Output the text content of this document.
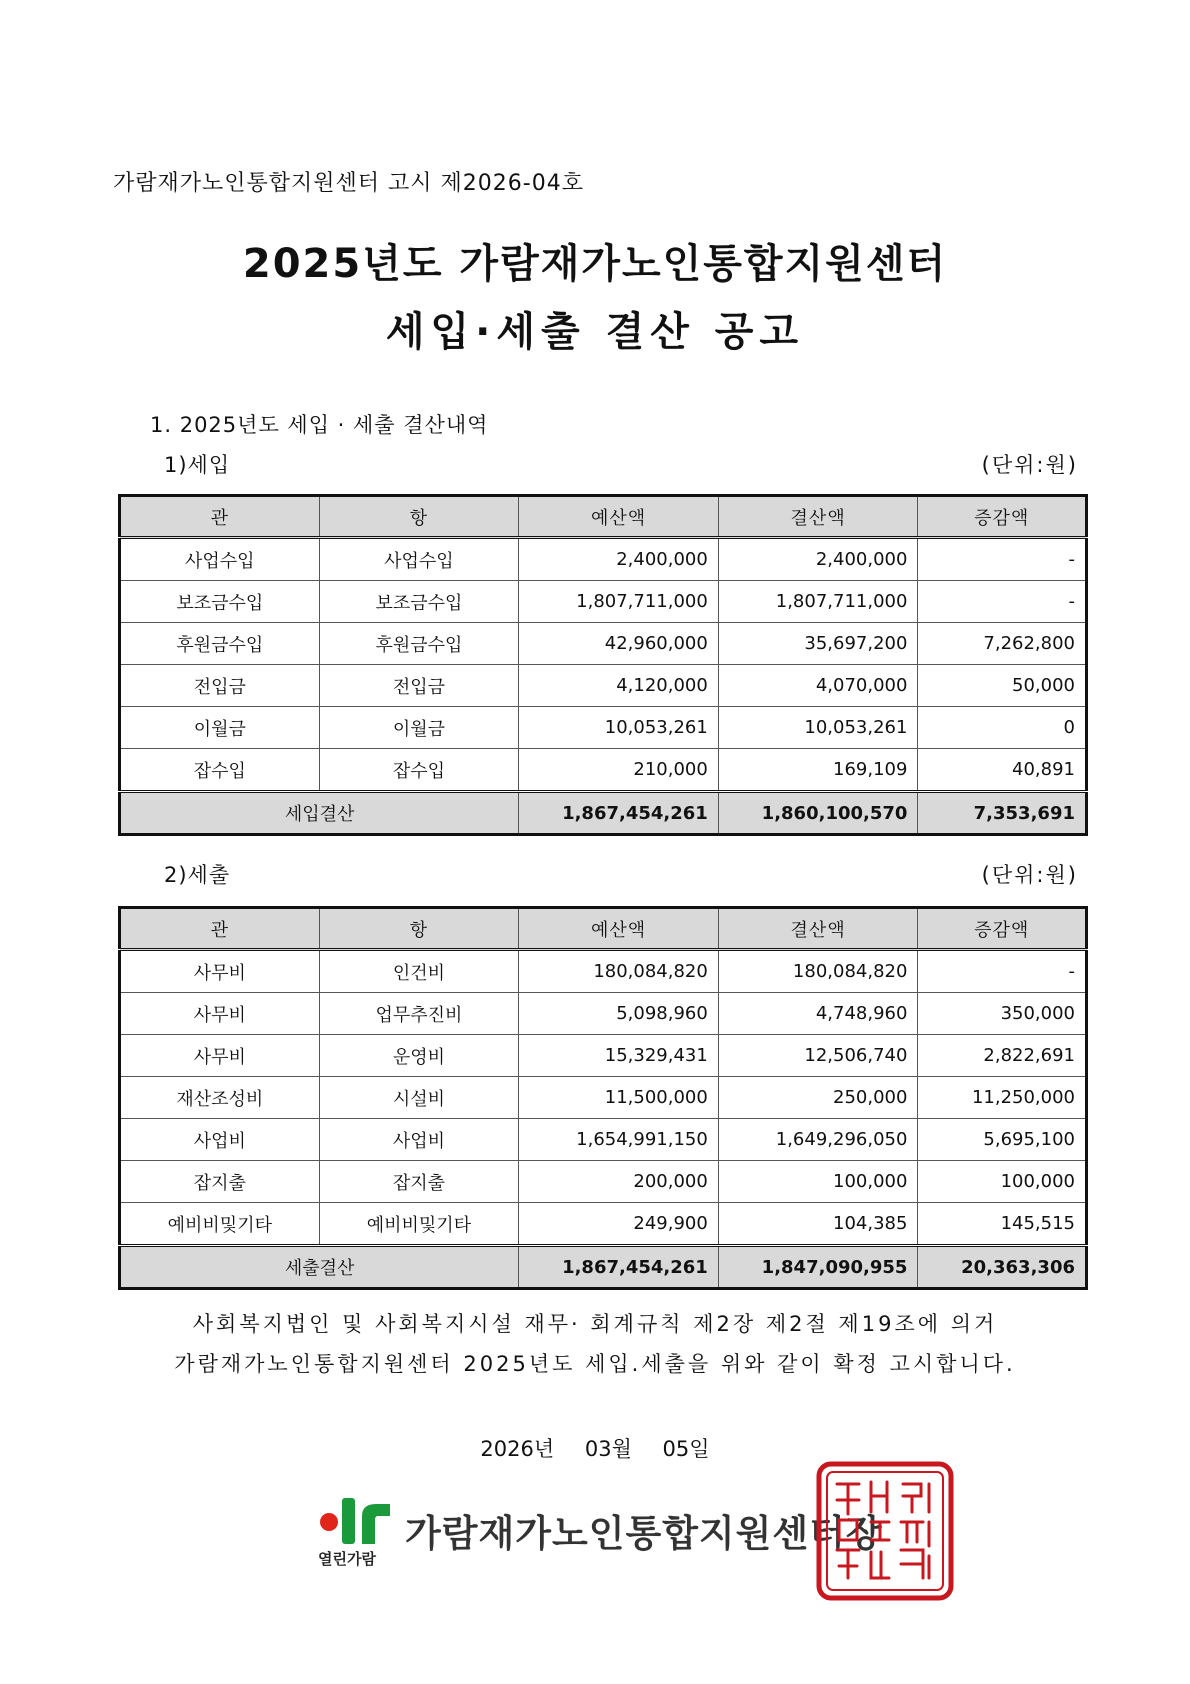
가람재가노인통합지원센터 고시 제2026-04호
2025년도 가람재가노인통합지원센터
세입·세출 결산 공고
1. 2025년도 세입 · 세출 결산내역
1)세입	(단위:원)
관	항	예산액	결산액	증감액
사업수입	사업수입	2,400,000	2,400,000	-
보조금수입	보조금수입	1,807,711,000	1,807,711,000	-
후원금수입	후원금수입	42,960,000	35,697,200	7,262,800
전입금	전입금	4,120,000	4,070,000	50,000
이월금	이월금	10,053,261	10,053,261	0
잡수입	잡수입	210,000	169,109	40,891
세입결산		1,867,454,261	1,860,100,570	7,353,691
2)세출	(단위:원)
관	항	예산액	결산액	증감액
사무비	인건비	180,084,820	180,084,820	-
사무비	업무추진비	5,098,960	4,748,960	350,000
사무비	운영비	15,329,431	12,506,740	2,822,691
재산조성비	시설비	11,500,000	250,000	11,250,000
사업비	사업비	1,654,991,150	1,649,296,050	5,695,100
잡지출	잡지출	200,000	100,000	100,000
예비비및기타	예비비및기타	249,900	104,385	145,515
세출결산		1,867,454,261	1,847,090,955	20,363,306
사회복지법인 및 사회복지시설 재무· 회계규칙 제2장 제2절 제19조에 의거
가람재가노인통합지원센터 2025년도 세입.세출을 위와 같이 확정 고시합니다.
2026년 03월 05일
열린가람
가람재가노인통합지원센터장
